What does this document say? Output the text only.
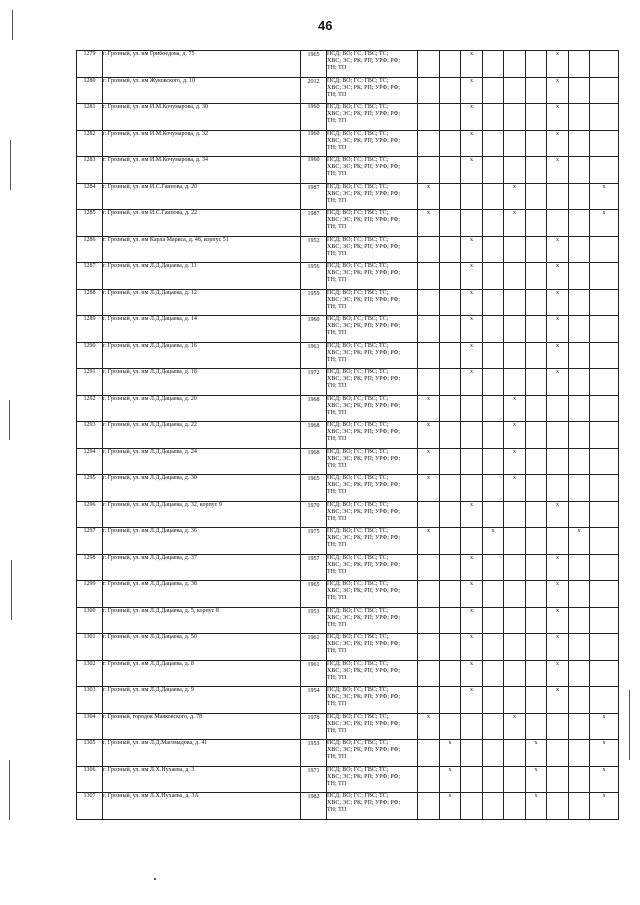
46
1279	г. Грозный, ул. им Грибоедова, д. 75	1965	ПСД; ВО; ГС; ГВС; ТС;
ХВС; ЭС; РК; РП; УРФ; РФ;
ТН; ТП			x				x		
1280	г. Грозный, ул. им Жуковского, д. 10	2012	ПСД; ВО; ГС; ГВС; ТС;
ХВС; ЭС; РК; РП; УРФ; РФ;
ТН; ТП			x				x		
1281	г. Грозный, ул. им И.М.Кочумарова, д. 30	1960	ПСД; ВО; ГС; ГВС; ТС;
ХВС; ЭС; РК; РП; УРФ; РФ;
ТН; ТП			x				x		
1282	г. Грозный, ул. им И.М.Кочумарова, д. 32	1960	ПСД; ВО; ГС; ГВС; ТС;
ХВС; ЭС; РК; РП; УРФ; РФ;
ТН; ТП			x				x		
1283	г. Грозный, ул. им И.М.Кочумарова, д. 34	1960	ПСД; ВО; ГС; ГВС; ТС;
ХВС; ЭС; РК; РП; УРФ; РФ;
ТН; ТП			x				x		
1284	г. Грозный, ул. им И.С.Гаипова, д. 20	1987	ПСД; ВО; ГС; ГВС; ТС;
ХВС; ЭС; РК; РП; УРФ; РФ;
ТН; ТП	x				x				x
1285	г. Грозный, ул. им И.С.Гаипова, д. 22	1987	ПСД; ВО; ГС; ГВС; ТС;
ХВС; ЭС; РК; РП; УРФ; РФ;
ТН; ТП	x				x				x
1286	г. Грозный, ул. им Карла Маркса, д. 48, корпус 51	1952	ПСД; ВО; ГС; ГВС; ТС;
ХВС; ЭС; РК; РП; УРФ; РФ;
ТН; ТП			x				x		
1287	г. Грозный, ул. им Л.Д.Дацаева, д. 11	1956	ПСД; ВО; ГС; ГВС; ТС;
ХВС; ЭС; РК; РП; УРФ; РФ;
ТН; ТП			x				x		
1288	г. Грозный, ул. им Л.Д.Дацаева, д. 12	1959	ПСД; ВО; ГС; ГВС; ТС;
ХВС; ЭС; РК; РП; УРФ; РФ;
ТН; ТП			x				x		
1289	г. Грозный, ул. им Л.Д.Дацаева, д. 14	1960	ПСД; ВО; ГС; ГВС; ТС;
ХВС; ЭС; РК; РП; УРФ; РФ;
ТН; ТП			x				x		
1290	г. Грозный, ул. им Л.Д.Дацаева, д. 16	1961	ПСД; ВО; ГС; ГВС; ТС;
ХВС; ЭС; РК; РП; УРФ; РФ;
ТН; ТП			x				x		
1291	г. Грозный, ул. им Л.Д.Дацаева, д. 18	1972	ПСД; ВО; ГС; ГВС; ТС;
ХВС; ЭС; РК; РП; УРФ; РФ;
ТН; ТП			x				x		
1292	г. Грозный, ул. им Л.Д.Дацаева, д. 20	1968	ПСД; ВО; ГС; ГВС; ТС;
ХВС; ЭС; РК; РП; УРФ; РФ;
ТН; ТП	x				x				
1293	г. Грозный, ул. им Л.Д.Дацаева, д. 22	1968	ПСД; ВО; ГС; ГВС; ТС;
ХВС; ЭС; РК; РП; УРФ; РФ;
ТН; ТП	x				x				
1294	г. Грозный, ул. им Л.Д.Дацаева, д. 24	1968	ПСД; ВО; ГС; ГВС; ТС;
ХВС; ЭС; РК; РП; УРФ; РФ;
ТН; ТП	x				x				
1295	г. Грозный, ул. им Л.Д.Дацаева, д. 30	1965	ПСД; ВО; ГС; ГВС; ТС;
ХВС; ЭС; РК; РП; УРФ; РФ;
ТН; ТП	x				x				
1296	г. Грозный, ул. им Л.Д.Дацаева, д. 32, корпус 9	1970	ПСД; ВО; ГС; ГВС; ТС;
ХВС; ЭС; РК; РП; УРФ; РФ;
ТН; ТП			x				x		
1297	г. Грозный, ул. им Л.Д.Дацаева, д. 36	1975	ПСД; ВО; ГС; ГВС; ТС;
ХВС; ЭС; РК; РП; УРФ; РФ;
ТН; ТП	x			x				x	
1298	г. Грозный, ул. им Л.Д.Дацаева, д. 37	1957	ПСД; ВО; ГС; ГВС; ТС;
ХВС; ЭС; РК; РП; УРФ; РФ;
ТН; ТП			x				x		
1299	г. Грозный, ул. им Л.Д.Дацаева, д. 38	1965	ПСД; ВО; ГС; ГВС; ТС;
ХВС; ЭС; РК; РП; УРФ; РФ;
ТН; ТП			x				x		
1300	г. Грозный, ул. им Л.Д.Дацаева, д. 5, корпус 8	1953	ПСД; ВО; ГС; ГВС; ТС;
ХВС; ЭС; РК; РП; УРФ; РФ;
ТН; ТП			x				x		
1301	г. Грозный, ул. им Л.Д.Дацаева, д. 50	1961	ПСД; ВО; ГС; ГВС; ТС;
ХВС; ЭС; РК; РП; УРФ; РФ;
ТН; ТП			x				x		
1302	г. Грозный, ул. им Л.Д.Дацаева, д. 8	1961	ПСД; ВО; ГС; ГВС; ТС;
ХВС; ЭС; РК; РП; УРФ; РФ;
ТН; ТП			x				x		
1303	г. Грозный, ул. им Л.Д.Дацаева, д. 9	1954	ПСД; ВО; ГС; ГВС; ТС;
ХВС; ЭС; РК; РП; УРФ; РФ;
ТН; ТП			x				x		
1304	г. Грозный, городок Маяковского, д. 78	1978	ПСД; ВО; ГС; ГВС; ТС;
ХВС; ЭС; РК; РП; УРФ; РФ;
ТН; ТП	x				x				x
1305	г. Грозный, ул. им Л.Д.Магомадова, д. 41	1953	ПСД; ВО; ГС; ГВС; ТС;
ХВС; ЭС; РК; РП; УРФ; РФ;
ТН; ТП		x				x			x
1306	г. Грозный, ул. им Л.Х.Нухаева, д. 3	1971	ПСД; ВО; ГС; ГВС; ТС;
ХВС; ЭС; РК; РП; УРФ; РФ;
ТН; ТП		x				x			x
1307	г. Грозный, ул. им Л.Х.Нухаева, д. 3А	1982	ПСД; ВО; ГС; ГВС; ТС;
ХВС; ЭС; РК; РП; УРФ; РФ;
ТН; ТП		x				x			x
